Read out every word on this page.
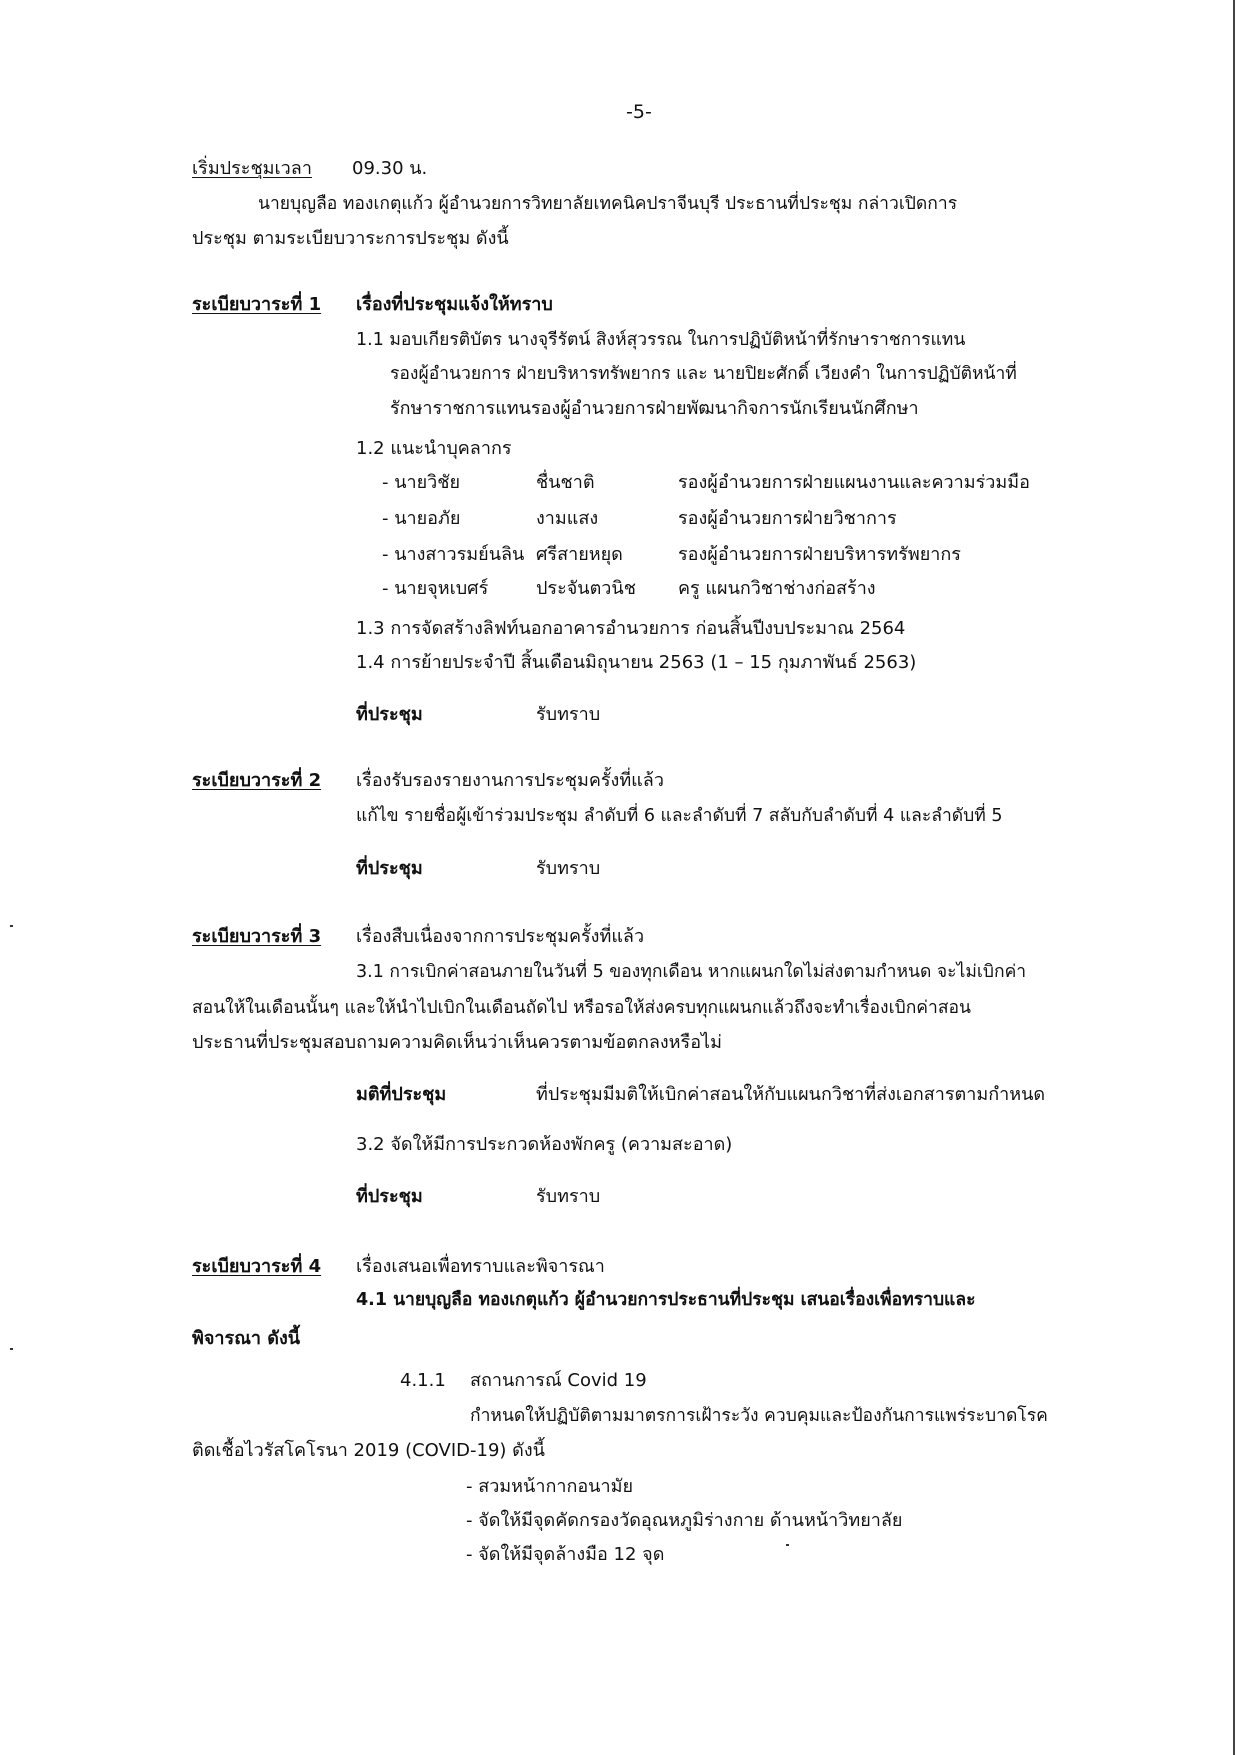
-5-
เริ่มประชุมเวลา 09.30 น.
นายบุญลือ ทองเกตุแก้ว ผู้อำนวยการวิทยาลัยเทคนิคปราจีนบุรี ประธานที่ประชุม กล่าวเปิดการ
ประชุม ตามระเบียบวาระการประชุม ดังนี้
ระเบียบวาระที่ 1 เรื่องที่ประชุมแจ้งให้ทราบ
1.1 มอบเกียรติบัตร นางจุรีรัตน์ สิงห์สุวรรณ ในการปฏิบัติหน้าที่รักษาราชการแทน
รองผู้อำนวยการ ฝ่ายบริหารทรัพยากร และ นายปิยะศักดิ์ เวียงคำ ในการปฏิบัติหน้าที่
รักษาราชการแทนรองผู้อำนวยการฝ่ายพัฒนากิจการนักเรียนนักศึกษา
1.2 แนะนำบุคลากร
- นายวิชัย	ชื่นชาติ	รองผู้อำนวยการฝ่ายแผนงานและความร่วมมือ
- นายอภัย	งามแสง	รองผู้อำนวยการฝ่ายวิชาการ
- นางสาวรมย์นลิน ศรีสายหยุด	รองผู้อำนวยการฝ่ายบริหารทรัพยากร
- นายจุหเบศร์	ประจันตวนิช ครู แผนกวิชาช่างก่อสร้าง
1.3 การจัดสร้างลิฟท์นอกอาคารอำนวยการ ก่อนสิ้นปีงบประมาณ 2564
1.4 การย้ายประจำปี สิ้นเดือนมิถุนายน 2563 (1 – 15 กุมภาพันธ์ 2563)
ที่ประชุม	รับทราบ
ระเบียบวาระที่ 2 เรื่องรับรองรายงานการประชุมครั้งที่แล้ว
แก้ไข รายชื่อผู้เข้าร่วมประชุม ลำดับที่ 6 และลำดับที่ 7 สลับกับลำดับที่ 4 และลำดับที่ 5
ที่ประชุม	รับทราบ
ระเบียบวาระที่ 3 เรื่องสืบเนื่องจากการประชุมครั้งที่แล้ว
3.1 การเบิกค่าสอนภายในวันที่ 5 ของทุกเดือน หากแผนกใดไม่ส่งตามกำหนด จะไม่เบิกค่า
สอนให้ในเดือนนั้นๆ และให้นำไปเบิกในเดือนถัดไป หรือรอให้ส่งครบทุกแผนกแล้วถึงจะทำเรื่องเบิกค่าสอน
ประธานที่ประชุมสอบถามความคิดเห็นว่าเห็นควรตามข้อตกลงหรือไม่
มติที่ประชุม	ที่ประชุมมีมติให้เบิกค่าสอนให้กับแผนกวิชาที่ส่งเอกสารตามกำหนด
3.2 จัดให้มีการประกวดห้องพักครู (ความสะอาด)
ที่ประชุม	รับทราบ
ระเบียบวาระที่ 4 เรื่องเสนอเพื่อทราบและพิจารณา
4.1 นายบุญลือ ทองเกตุแก้ว ผู้อำนวยการประธานที่ประชุม เสนอเรื่องเพื่อทราบและ
พิจารณา ดังนี้
4.1.1 สถานการณ์ Covid 19
กำหนดให้ปฏิบัติตามมาตรการเฝ้าระวัง ควบคุมและป้องกันการแพร่ระบาดโรค
ติดเชื้อไวรัสโคโรนา 2019 (COVID-19) ดังนี้
- สวมหน้ากากอนามัย
- จัดให้มีจุดคัดกรองวัดอุณหภูมิร่างกาย ด้านหน้าวิทยาลัย
- จัดให้มีจุดล้างมือ 12 จุด
